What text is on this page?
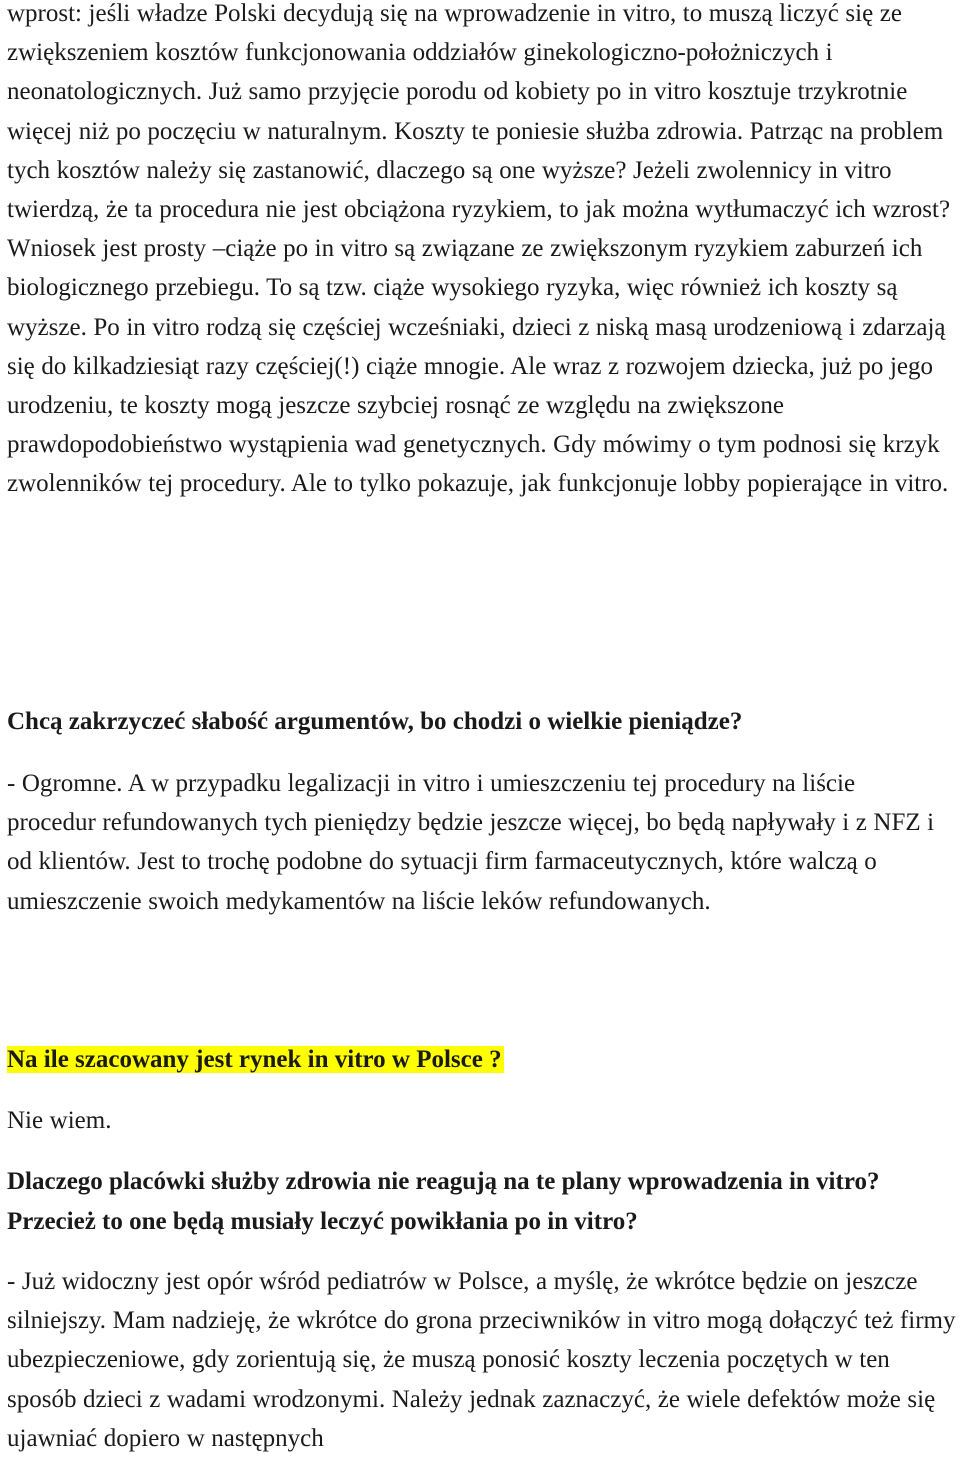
wprost: jeśli władze Polski decydują się na wprowadzenie in vitro, to muszą liczyć się ze zwiększeniem kosztów funkcjonowania oddziałów ginekologiczno-położniczych i neonatologicznych. Już samo przyjęcie porodu od kobiety po in vitro kosztuje trzykrotnie więcej niż po poczęciu w naturalnym. Koszty te poniesie służba zdrowia. Patrząc na problem tych kosztów należy się zastanowić, dlaczego są one wyższe? Jeżeli zwolennicy in vitro twierdzą, że ta procedura nie jest obciążona ryzykiem, to jak można wytłumaczyć ich wzrost? Wniosek jest prosty –ciąże po in vitro są związane ze zwiększonym ryzykiem zaburzeń ich biologicznego przebiegu. To są tzw. ciąże wysokiego ryzyka, więc również ich koszty są wyższe. Po in vitro rodzą się częściej wcześniaki, dzieci z niską masą urodzeniową i zdarzają się do kilkadziesiąt razy częściej(!) ciąże mnogie. Ale wraz z rozwojem dziecka, już po jego urodzeniu, te koszty mogą jeszcze szybciej rosnąć ze względu na zwiększone prawdopodobieństwo wystąpienia wad genetycznych. Gdy mówimy o tym podnosi się krzyk zwolenników tej procedury. Ale to tylko pokazuje, jak funkcjonuje lobby popierające in vitro.

Chcą zakrzyczeć słabość argumentów, bo chodzi o wielkie pieniądze?

- Ogromne. A w przypadku legalizacji in vitro i umieszczeniu tej procedury na liście procedur refundowanych tych pieniędzy będzie jeszcze więcej, bo będą napływały i z NFZ i od klientów. Jest to trochę podobne do sytuacji firm farmaceutycznych, które walczą o umieszczenie swoich medykamentów na liście leków refundowanych.

Na ile szacowany jest rynek in vitro w Polsce ?

Nie wiem.

Dlaczego placówki służby zdrowia nie reagują na te plany wprowadzenia in vitro? Przecież to one będą musiały leczyć powikłania po in vitro?

- Już widoczny jest opór wśród pediatrów w Polsce, a myślę, że wkrótce będzie on jeszcze silniejszy. Mam nadzieję, że wkrótce do grona przeciwników in vitro mogą dołączyć też firmy ubezpieczeniowe, gdy zorientują się, że muszą ponosić koszty leczenia poczętych w ten sposób dzieci z wadami wrodzonymi. Należy jednak zaznaczyć, że wiele defektów może się ujawniać dopiero w następnych
